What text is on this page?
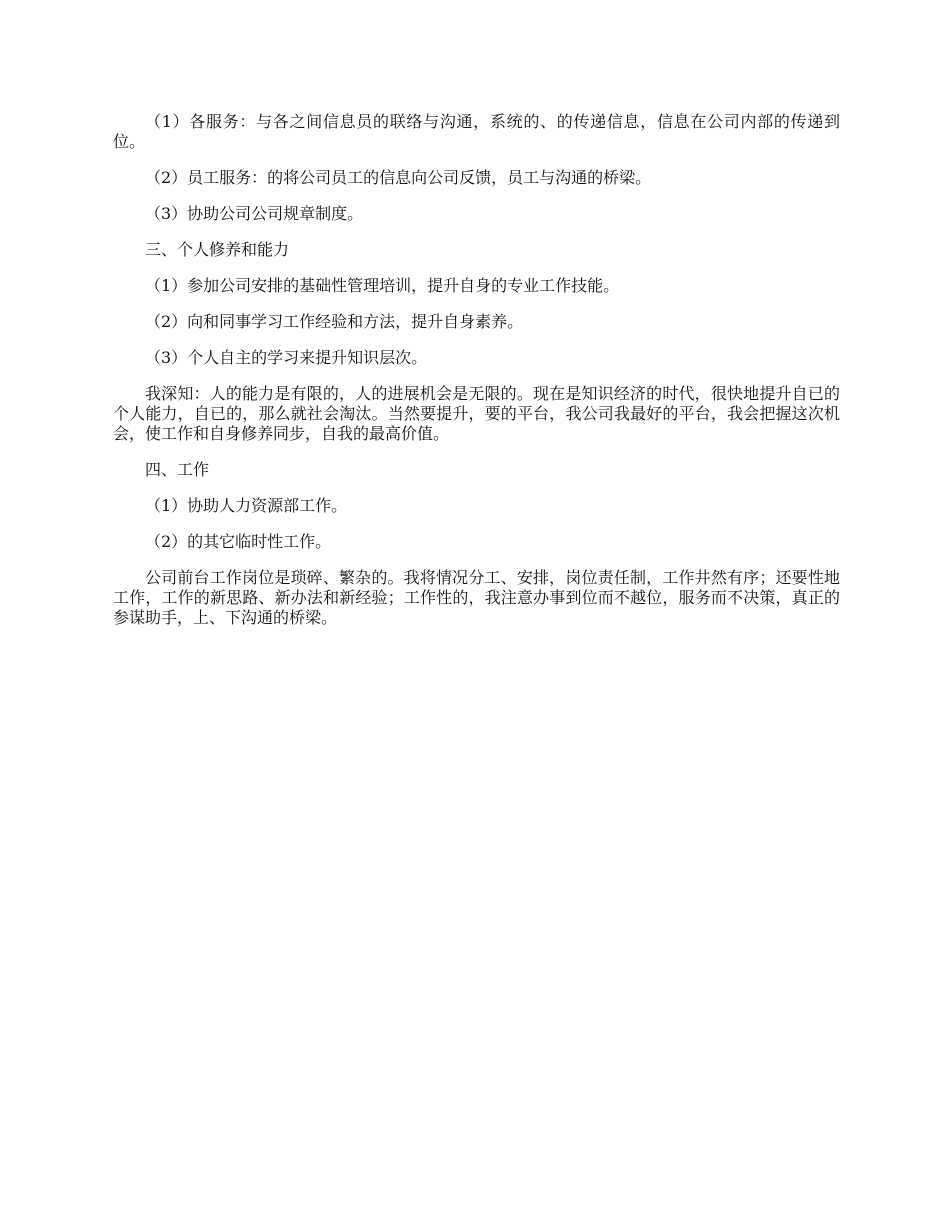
（1）各服务：与各之间信息员的联络与沟通，系统的、的传递信息，信息在公司内部的传递到位。

（2）员工服务：的将公司员工的信息向公司反馈，员工与沟通的桥梁。

（3）协助公司公司规章制度。

三、个人修养和能力

（1）参加公司安排的基础性管理培训，提升自身的专业工作技能。

（2）向和同事学习工作经验和方法，提升自身素养。

（3）个人自主的学习来提升知识层次。

我深知：人的能力是有限的，人的进展机会是无限的。现在是知识经济的时代，很快地提升自已的个人能力，自已的，那么就社会淘汰。当然要提升，要的平台，我公司我最好的平台，我会把握这次机会，使工作和自身修养同步，自我的最高价值。

四、工作

（1）协助人力资源部工作。

（2）的其它临时性工作。

公司前台工作岗位是琐碎、繁杂的。我将情况分工、安排，岗位责任制，工作井然有序；还要性地工作，工作的新思路、新办法和新经验；工作性的，我注意办事到位而不越位，服务而不决策，真正的参谋助手，上、下沟通的桥梁。
